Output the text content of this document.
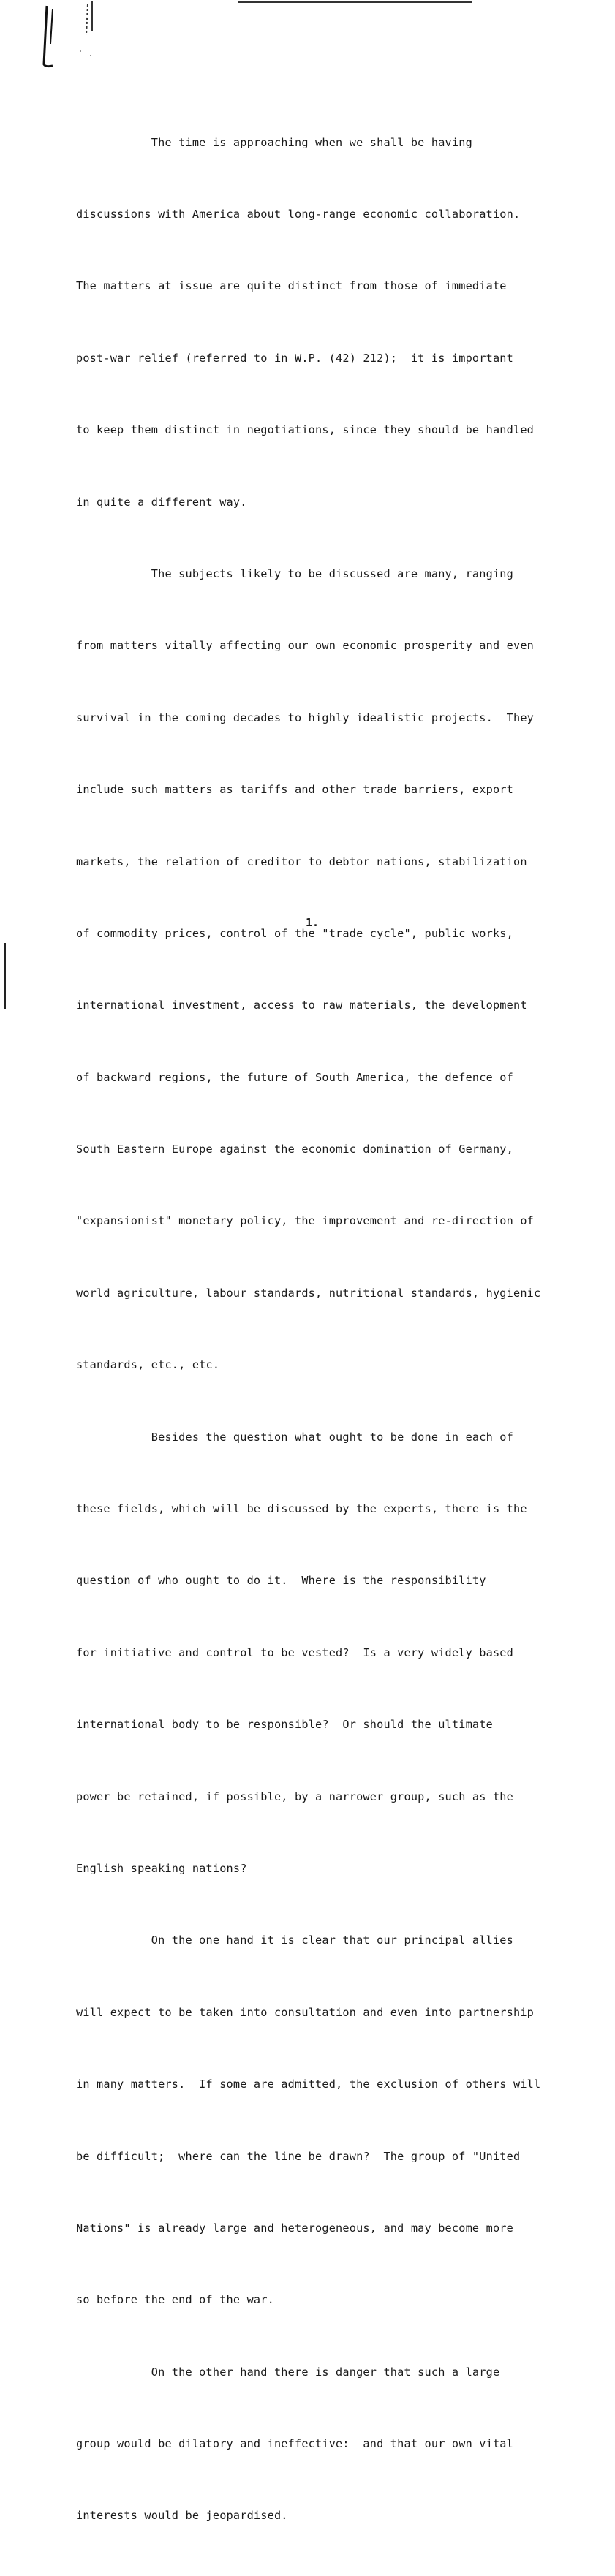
The time is approaching when we shall be having

discussions with America about long-range economic collaboration.

The matters at issue are quite distinct from those of immediate

post-war relief (referred to in W.P. (42) 212);  it is important

to keep them distinct in negotiations, since they should be handled

in quite a different way.

The subjects likely to be discussed are many, ranging

from matters vitally affecting our own economic prosperity and even

survival in the coming decades to highly idealistic projects.  They

include such matters as tariffs and other trade barriers, export

markets, the relation of creditor to debtor nations, stabilization

of commodity prices, control of the "trade cycle", public works,

international investment, access to raw materials, the development

of backward regions, the future of South America, the defence of

South Eastern Europe against the economic domination of Germany,

"expansionist" monetary policy, the improvement and re-direction of

world agriculture, labour standards, nutritional standards, hygienic

standards, etc., etc.

Besides the question what ought to be done in each of

these fields, which will be discussed by the experts, there is the

question of who ought to do it.  Where is the responsibility

for initiative and control to be vested?  Is a very widely based

international body to be responsible?  Or should the ultimate

power be retained, if possible, by a narrower group, such as the

English speaking nations?

On the one hand it is clear that our principal allies

will expect to be taken into consultation and even into partnership

in many matters.  If some are admitted, the exclusion of others will

be difficult;  where can the line be drawn?  The group of "United

Nations" is already large and heterogeneous, and may become more

so before the end of the war.

On the other hand there is danger that such a large

group would be dilatory and ineffective:  and that our own vital

interests would be jeopardised.

1.
